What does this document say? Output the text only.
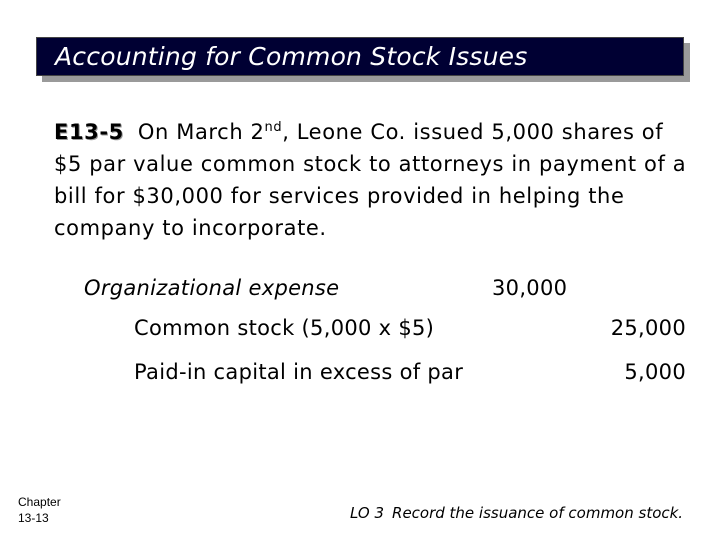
Accounting for Common Stock Issues
E13-5 On March 2nd, Leone Co. issued 5,000 shares of $5 par value common stock to attorneys in payment of a bill for $30,000 for services provided in helping the company to incorporate.
Organizational expense	30,000
Common stock (5,000 x $5)	25,000
Paid-in capital in excess of par	5,000
Chapter
13-13	LO 3 Record the issuance of common stock.
